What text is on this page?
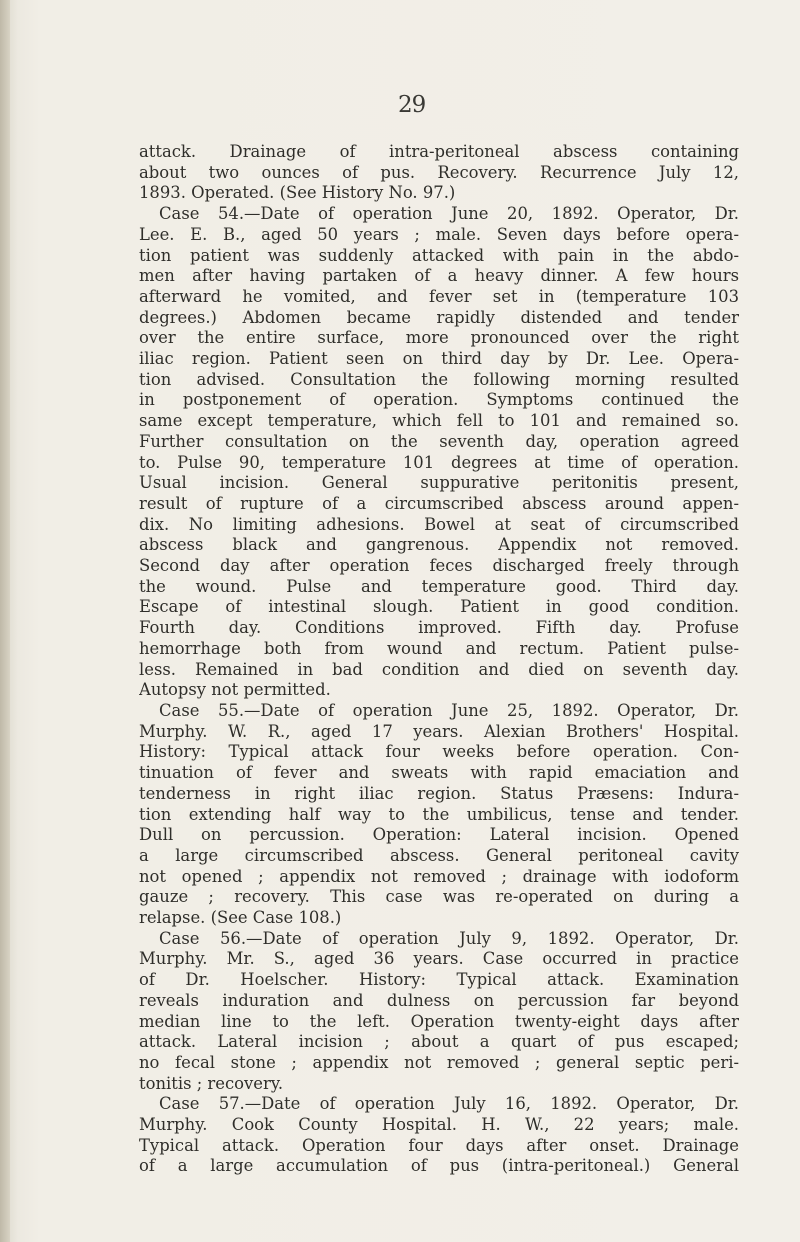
29
attack. Drainage of intra-peritoneal abscess containing
about two ounces of pus. Recovery. Recurrence July 12,
1893. Operated. (See History No. 97.)
Case 54.—Date of operation June 20, 1892. Operator, Dr.
Lee. E. B., aged 50 years ; male. Seven days before opera-
tion patient was suddenly attacked with pain in the abdo-
men after having partaken of a heavy dinner. A few hours
afterward he vomited, and fever set in (temperature 103
degrees.) Abdomen became rapidly distended and tender
over the entire surface, more pronounced over the right
iliac region. Patient seen on third day by Dr. Lee. Opera-
tion advised. Consultation the following morning resulted
in postponement of operation. Symptoms continued the
same except temperature, which fell to 101 and remained so.
Further consultation on the seventh day, operation agreed
to. Pulse 90, temperature 101 degrees at time of operation.
Usual incision. General suppurative peritonitis present,
result of rupture of a circumscribed abscess around appen-
dix. No limiting adhesions. Bowel at seat of circumscribed
abscess black and gangrenous. Appendix not removed.
Second day after operation feces discharged freely through
the wound. Pulse and temperature good. Third day.
Escape of intestinal slough. Patient in good condition.
Fourth day. Conditions improved. Fifth day. Profuse
hemorrhage both from wound and rectum. Patient pulse-
less. Remained in bad condition and died on seventh day.
Autopsy not permitted.
Case 55.—Date of operation June 25, 1892. Operator, Dr.
Murphy. W. R., aged 17 years. Alexian Brothers' Hospital.
History: Typical attack four weeks before operation. Con-
tinuation of fever and sweats with rapid emaciation and
tenderness in right iliac region. Status Præsens: Indura-
tion extending half way to the umbilicus, tense and tender.
Dull on percussion. Operation: Lateral incision. Opened
a large circumscribed abscess. General peritoneal cavity
not opened ; appendix not removed ; drainage with iodoform
gauze ; recovery. This case was re-operated on during a
relapse. (See Case 108.)
Case 56.—Date of operation July 9, 1892. Operator, Dr.
Murphy. Mr. S., aged 36 years. Case occurred in practice
of Dr. Hoelscher. History: Typical attack. Examination
reveals induration and dulness on percussion far beyond
median line to the left. Operation twenty-eight days after
attack. Lateral incision ; about a quart of pus escaped;
no fecal stone ; appendix not removed ; general septic peri-
tonitis ; recovery.
Case 57.—Date of operation July 16, 1892. Operator, Dr.
Murphy. Cook County Hospital. H. W., 22 years; male.
Typical attack. Operation four days after onset. Drainage
of a large accumulation of pus (intra-peritoneal.) General
